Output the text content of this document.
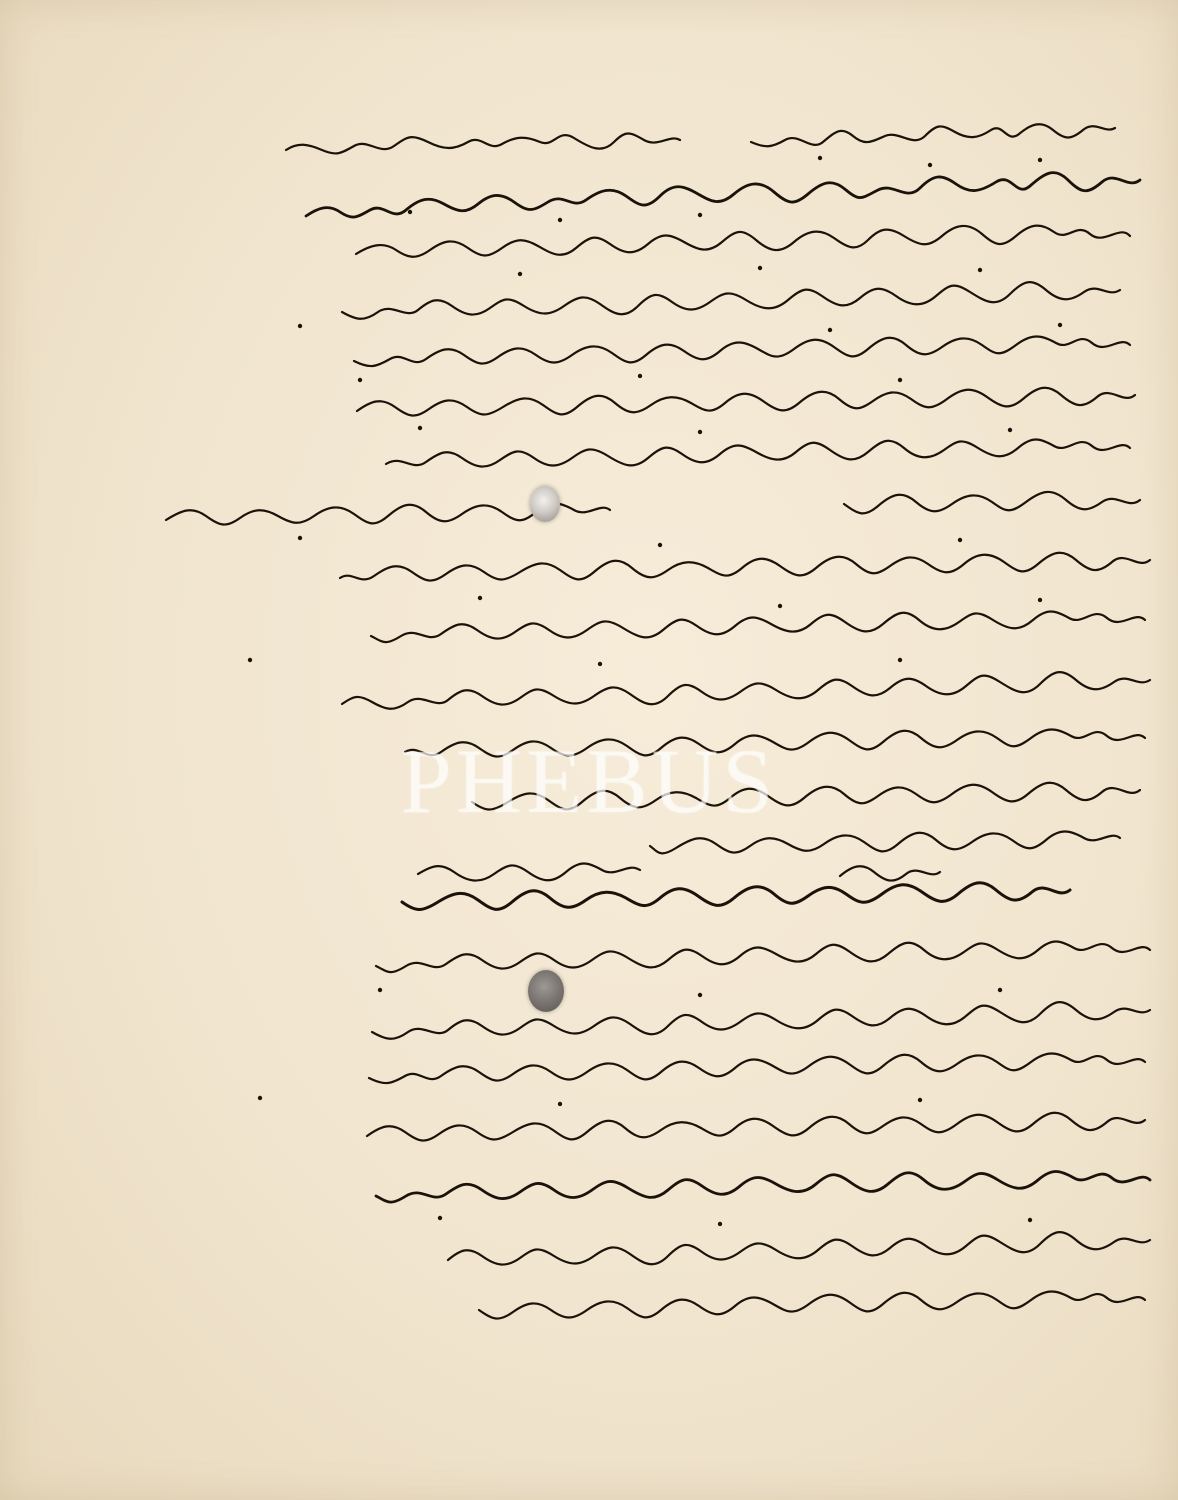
PHEBUS
